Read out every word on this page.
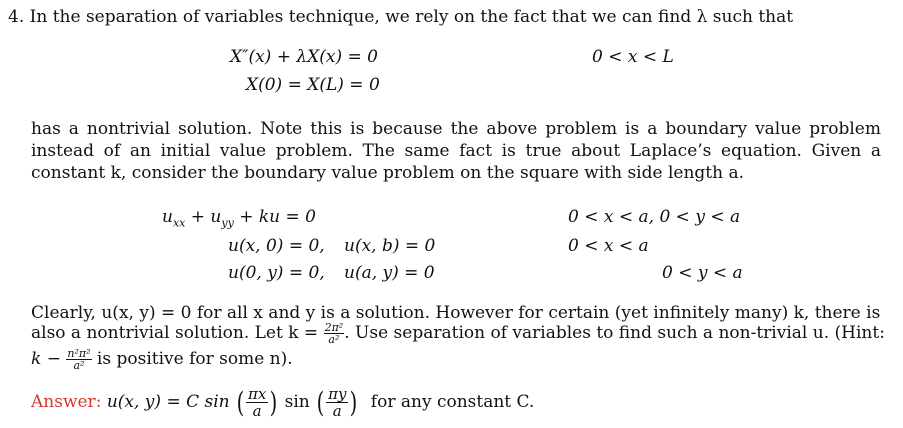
4. In the separation of variables technique, we rely on the fact that we can find λ such that
X″(x) + λX(x) = 0	0 < x < L
X(0) = X(L) = 0
has a nontrivial solution. Note this is because the above problem is a boundary value problem instead of an initial value problem. The same fact is true about Laplace’s equation. Given a constant k, consider the boundary value problem on the square with side length a.
$u_{xx} + u_{yy}$ + ku = 0	0 < x < a, 0 < y < a
u(x, 0) = 0, u(x, b) = 0	0 < x < a
u(0, y) = 0, u(a, y) = 0	0 < y < a
Clearly, u(x, y) = 0 for all x and y is a solution. However for certain (yet infinitely many) k, there is
also a nontrivial solution. Let $k = \frac{\text{2π²}}{\text{a²}}$ . Use separation of variables to find such a non-trivial u. (Hint:
$k - \frac{\text{n²π²}}{\text{a²}}$ is positive for some n).
Answer: u(x, y) = C sin ( $\frac{\pi x}{a}$ ) sin ( $\frac{\pi y}{a}$ ) for any constant C.
